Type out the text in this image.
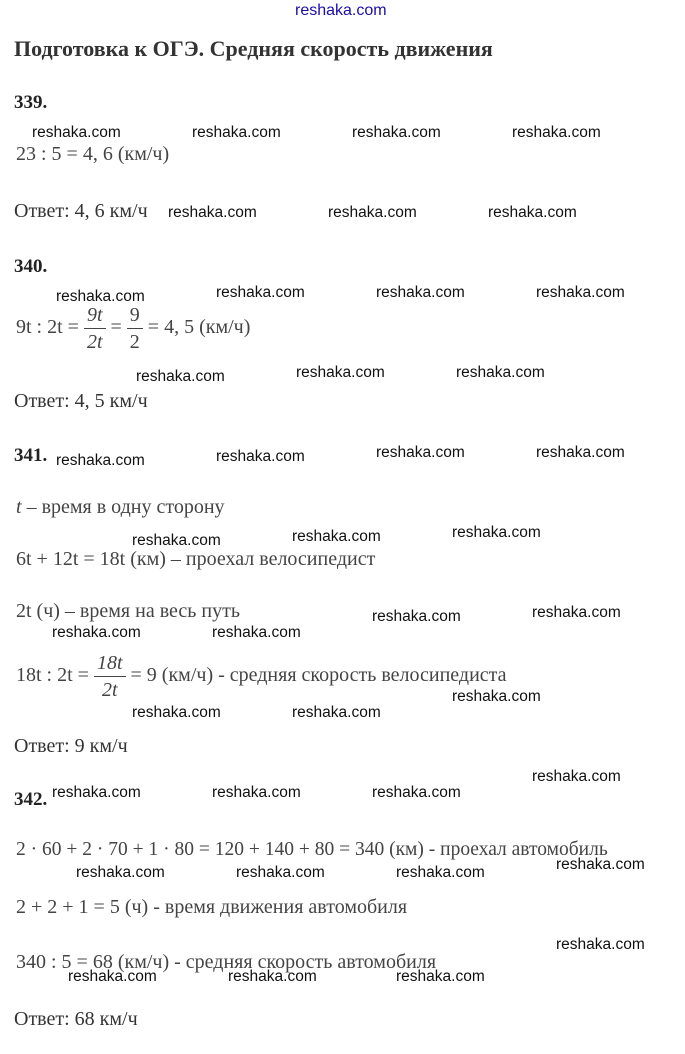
reshaka.com
Подготовка к ОГЭ. Средняя скорость движения
339.
23 : 5 = 4, 6 (км/ч)
Ответ: 4, 6 км/ч
340.
9t : $2t = \frac{9t}{2t} = \frac{9}{2} = 4$, 5 (км/ч)
Ответ: 4, 5 км/ч
341.
t – время в одну сторону
6t + 12t = 18t (км) – проехал велосипедист
2t (ч) – время на весь путь
18t : $2t = \frac{18t}{2t} = 9$ (км/ч) - средняя скорость велосипедиста
Ответ: 9 км/ч
342.
2 · 60 + 2 · 70 + 1 · 80 = 120 + 140 + 80 = 340 (км) - проехал автомобиль
2 + 2 + 1 = 5 (ч) - время движения автомобиля
340 : 5 = 68 (км/ч) - средняя скорость автомобиля
Ответ: 68 км/ч
reshaka.com	reshaka.com	reshaka.com	reshaka.com
reshaka.com	reshaka.com	reshaka.com
reshaka.com	reshaka.com	reshaka.com	reshaka.com
reshaka.com	reshaka.com	reshaka.com
reshaka.com	reshaka.com	reshaka.com	reshaka.com
reshaka.com	reshaka.com	reshaka.com
reshaka.com	reshaka.com
reshaka.com	reshaka.com
reshaka.com
reshaka.com	reshaka.com
reshaka.com
reshaka.com	reshaka.com	reshaka.com
reshaka.com
reshaka.com	reshaka.com	reshaka.com
reshaka.com
reshaka.com	reshaka.com	reshaka.com
